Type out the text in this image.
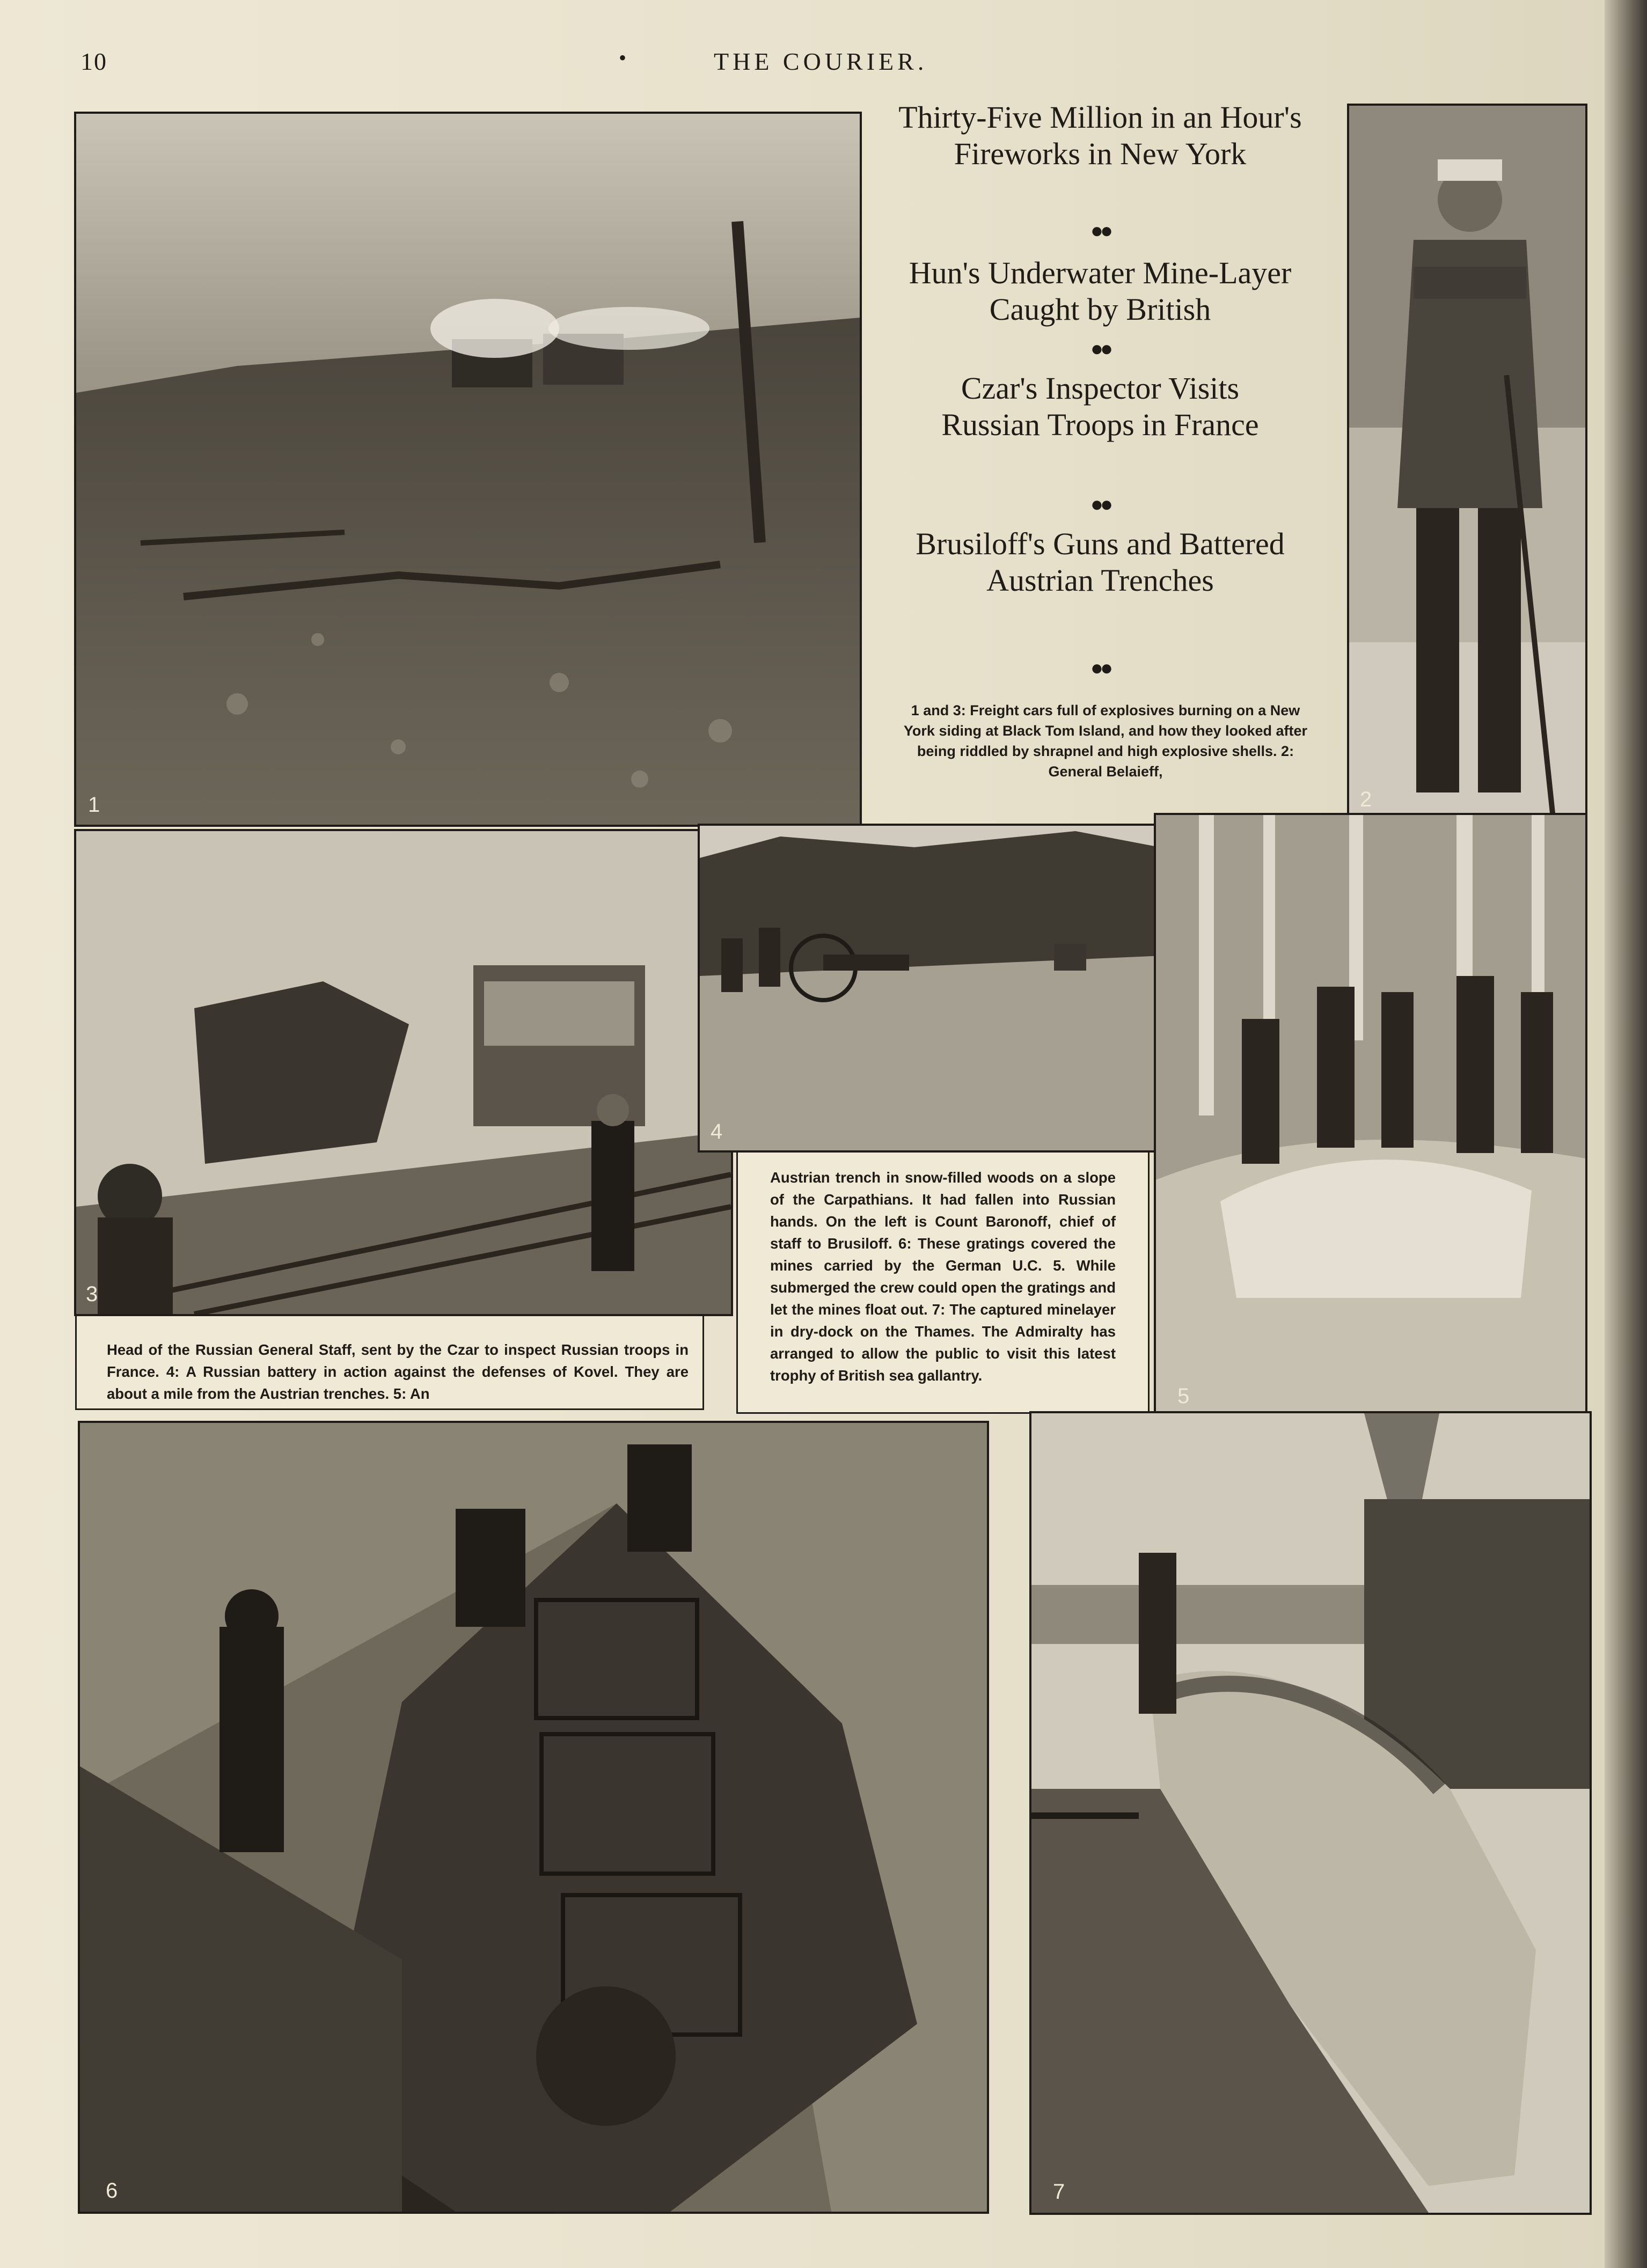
10	•	THE COURIER.
1
Thirty-Five Million in an Hour's Fireworks in New York
●●
Hun's Underwater Mine-Layer Caught by British
●●
Czar's Inspector Visits Russian Troops in France
●●
Brusiloff's Guns and Battered Austrian Trenches
●●
1 and 3: Freight cars full of explosives burning on a New York siding at Black Tom Island, and how they looked after being riddled by shrapnel and high explosive shells. 2: General Belaieff,
2
3
4
5
Head of the Russian General Staff, sent by the Czar to inspect Russian troops in France. 4: A Russian battery in action against the defenses of Kovel. They are about a mile from the Austrian trenches. 5: An
Austrian trench in snow-filled woods on a slope of the Carpathians. It had fallen into Russian hands. On the left is Count Baronoff, chief of staff to Brusiloff. 6: These gratings covered the mines carried by the German U.C. 5. While submerged the crew could open the gratings and let the mines float out. 7: The captured minelayer in dry-dock on the Thames. The Admiralty has arranged to allow the public to visit this latest trophy of British sea gallantry.
6	7
